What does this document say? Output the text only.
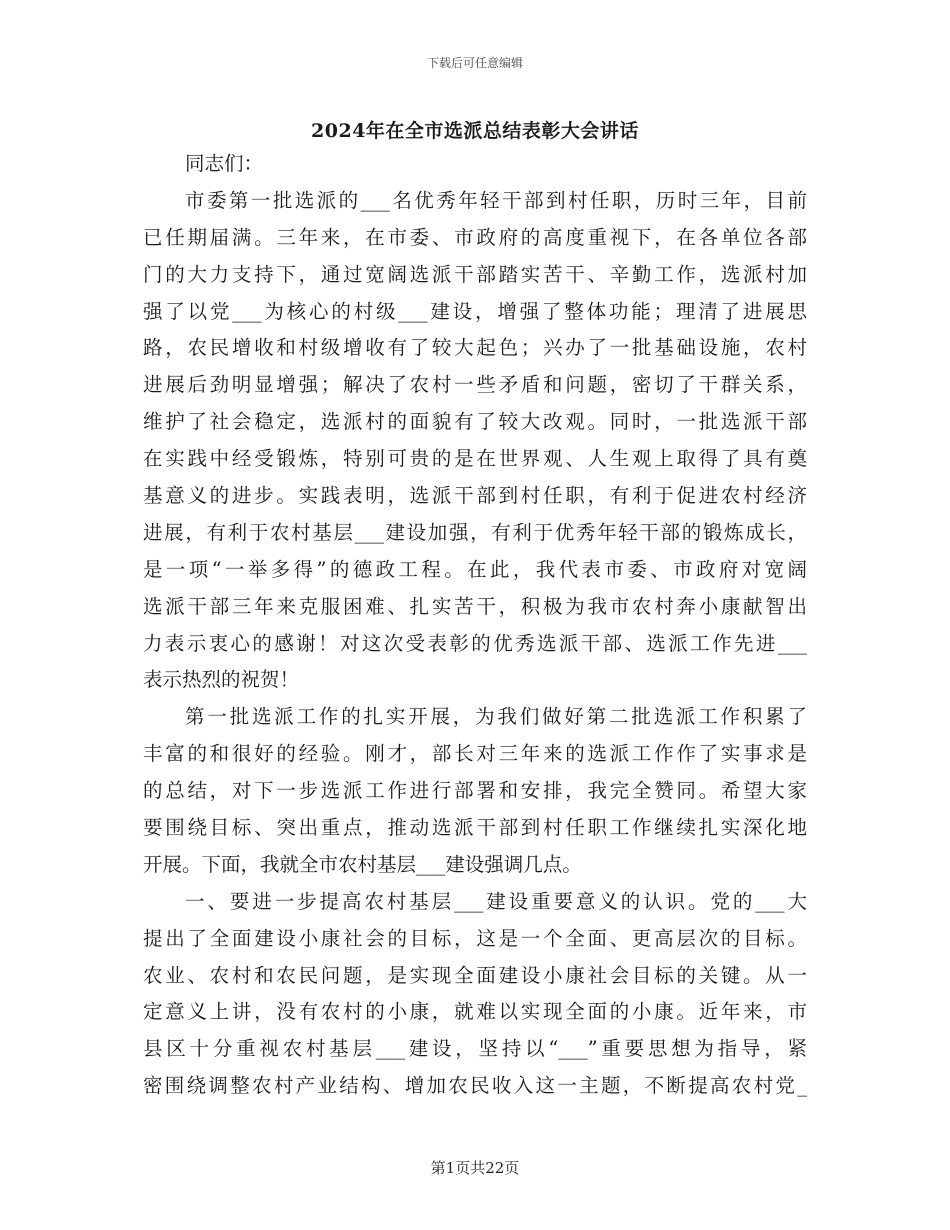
下载后可任意编辑
2024年在全市选派总结表彰大会讲话

同志们：

市委第一批选派的___名优秀年轻干部到村任职，历时三年，目前
已任期届满。三年来，在市委、市政府的高度重视下，在各单位各部
门的大力支持下，通过宽阔选派干部踏实苦干、辛勤工作，选派村加
强了以党___为核心的村级___建设，增强了整体功能；理清了进展思
路，农民增收和村级增收有了较大起色；兴办了一批基础设施，农村
进展后劲明显增强；解决了农村一些矛盾和问题，密切了干群关系，
维护了社会稳定，选派村的面貌有了较大改观。同时，一批选派干部
在实践中经受锻炼，特别可贵的是在世界观、人生观上取得了具有奠
基意义的进步。实践表明，选派干部到村任职，有利于促进农村经济
进展，有利于农村基层___建设加强，有利于优秀年轻干部的锻炼成长，
是一项“一举多得”的德政工程。在此，我代表市委、市政府对宽阔
选派干部三年来克服困难、扎实苦干，积极为我市农村奔小康献智出
力表示衷心的感谢！对这次受表彰的优秀选派干部、选派工作先进___
表示热烈的祝贺！

第一批选派工作的扎实开展，为我们做好第二批选派工作积累了
丰富的和很好的经验。刚才，部长对三年来的选派工作作了实事求是
的总结，对下一步选派工作进行部署和安排，我完全赞同。希望大家
要围绕目标、突出重点，推动选派干部到村任职工作继续扎实深化地
开展。下面，我就全市农村基层___建设强调几点。

一、要进一步提高农村基层___建设重要意义的认识。党的___大
提出了全面建设小康社会的目标，这是一个全面、更高层次的目标。
农业、农村和农民问题，是实现全面建设小康社会目标的关键。从一
定意义上讲，没有农村的小康，就难以实现全面的小康。近年来，市
县区十分重视农村基层___建设，坚持以“___”重要思想为指导，紧
密围绕调整农村产业结构、增加农民收入这一主题，不断提高农村党_

第1页共22页
